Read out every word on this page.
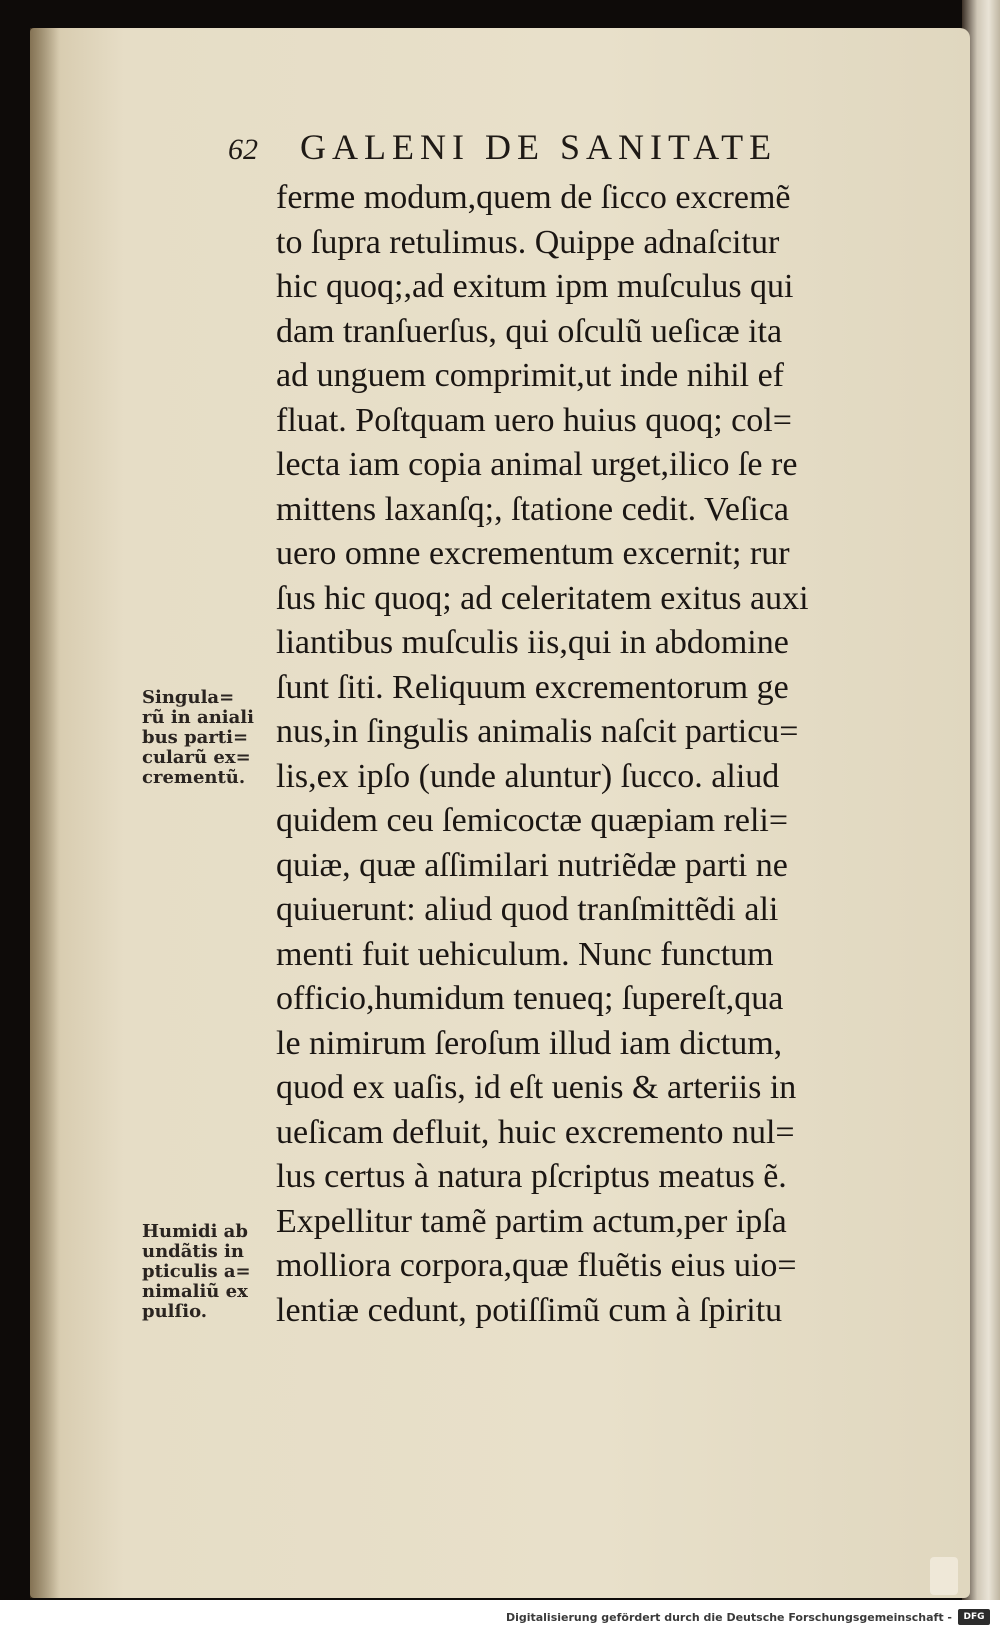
62 GALENI DE SANITATE
ferme modum,quem de ſicco excremẽ
to ſupra retulimus. Quippe adnaſcitur
hic quoq;,ad exitum ipm muſculus qui
dam tranſuerſus, qui oſculũ ueſicæ ita
ad unguem comprimit,ut inde nihil ef
fluat. Poſtquam uero huius quoq; col=
lecta iam copia animal urget,ilico ſe re
mittens laxanſq;, ſtatione cedit. Veſica
uero omne excrementum excernit; rur
ſus hic quoq; ad celeritatem exitus auxi
liantibus muſculis iis,qui in abdomine
ſunt ſiti. Reliquum excrementorum ge
nus,in ſingulis animalis naſcit particu=
lis,ex ipſo (unde aluntur) ſucco. aliud
quidem ceu ſemicoctæ quæpiam reli=
quiæ, quæ aſſimilari nutriẽdæ parti ne
quiuerunt: aliud quod tranſmittẽdi ali
menti fuit uehiculum. Nunc functum
officio,humidum tenueq; ſupereſt,qua
le nimirum ſeroſum illud iam dictum,
quod ex uaſis, id eſt uenis & arteriis in
ueſicam defluit, huic excremento nul=
lus certus à natura pſcriptus meatus ẽ.
Expellitur tamẽ partim actum,per ipſa
molliora corpora,quæ fluẽtis eius uio=
lentiæ cedunt, potiſſimũ cum à ſpiritu
Singula=
rũ in aniali
bus parti=
cularũ ex=
crementũ.
Humidi ab
undãtis in
pticulis a=
nimaliũ ex
pulſio.
Digitalisierung gefördert durch die Deutsche Forschungsgemeinschaft -	DFG
